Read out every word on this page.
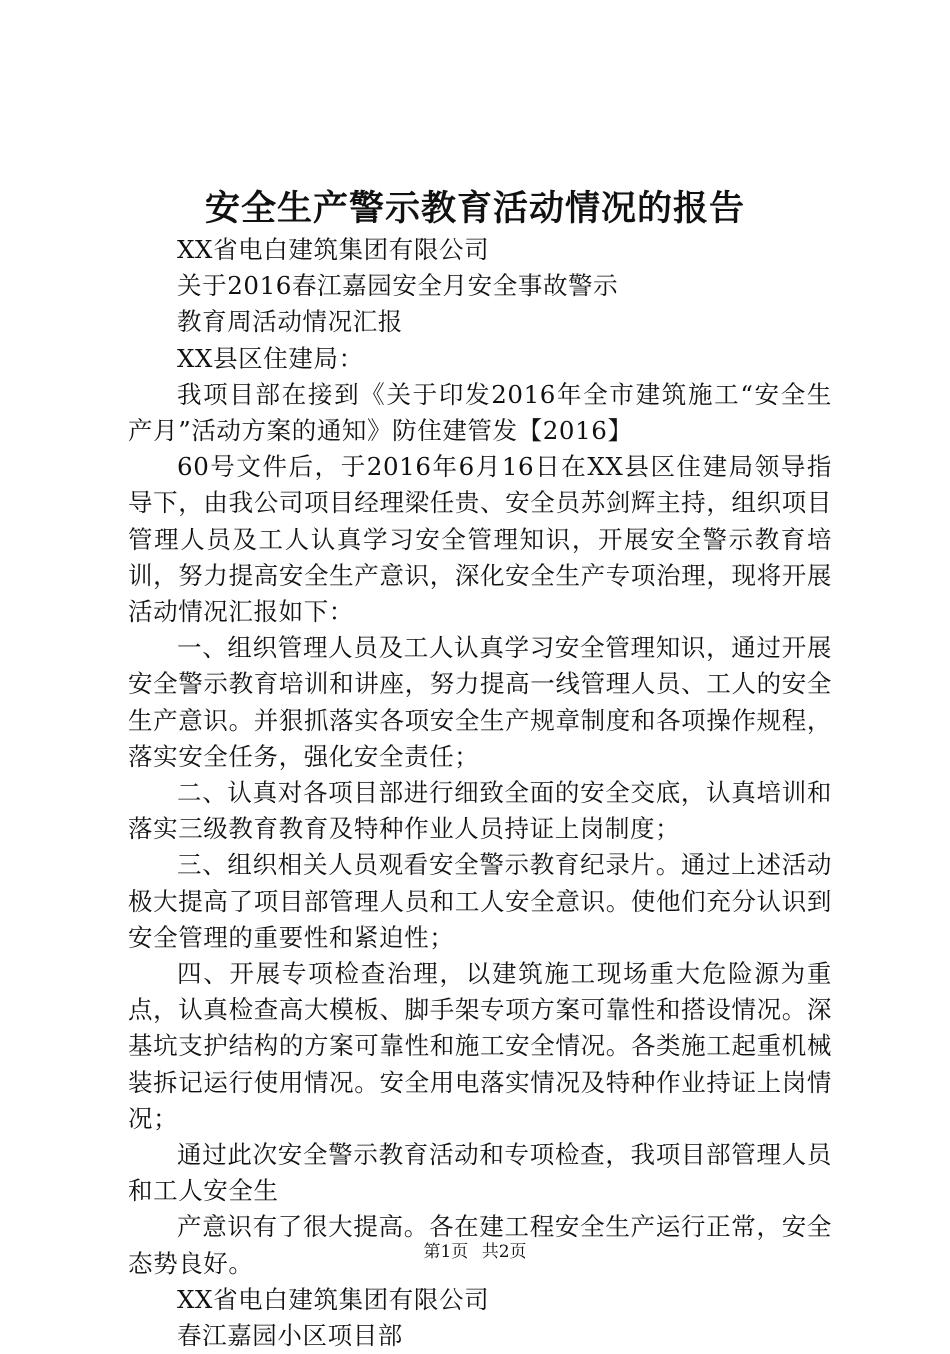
安全生产警示教育活动情况的报告

XX省电白建筑集团有限公司

关于2016春江嘉园安全月安全事故警示

教育周活动情况汇报

XX县区住建局：

我项目部在接到《关于印发2016年全市建筑施工“安全生产月”活动方案的通知》防住建管发【2016】

60号文件后，于2016年6月16日在XX县区住建局领导指导下，由我公司项目经理梁任贵、安全员苏剑辉主持，组织项目管理人员及工人认真学习安全管理知识，开展安全警示教育培训，努力提高安全生产意识，深化安全生产专项治理，现将开展活动情况汇报如下：

一、组织管理人员及工人认真学习安全管理知识，通过开展安全警示教育培训和讲座，努力提高一线管理人员、工人的安全生产意识。并狠抓落实各项安全生产规章制度和各项操作规程，落实安全任务，强化安全责任；

二、认真对各项目部进行细致全面的安全交底，认真培训和落实三级教育教育及特种作业人员持证上岗制度；

三、组织相关人员观看安全警示教育纪录片。通过上述活动极大提高了项目部管理人员和工人安全意识。使他们充分认识到安全管理的重要性和紧迫性；

四、开展专项检查治理，以建筑施工现场重大危险源为重点，认真检查高大模板、脚手架专项方案可靠性和搭设情况。深基坑支护结构的方案可靠性和施工安全情况。各类施工起重机械装拆记运行使用情况。安全用电落实情况及特种作业持证上岗情况；

通过此次安全警示教育活动和专项检查，我项目部管理人员和工人安全生

产意识有了很大提高。各在建工程安全生产运行正常，安全态势良好。

XX省电白建筑集团有限公司

春江嘉园小区项目部

第1页 共2页
